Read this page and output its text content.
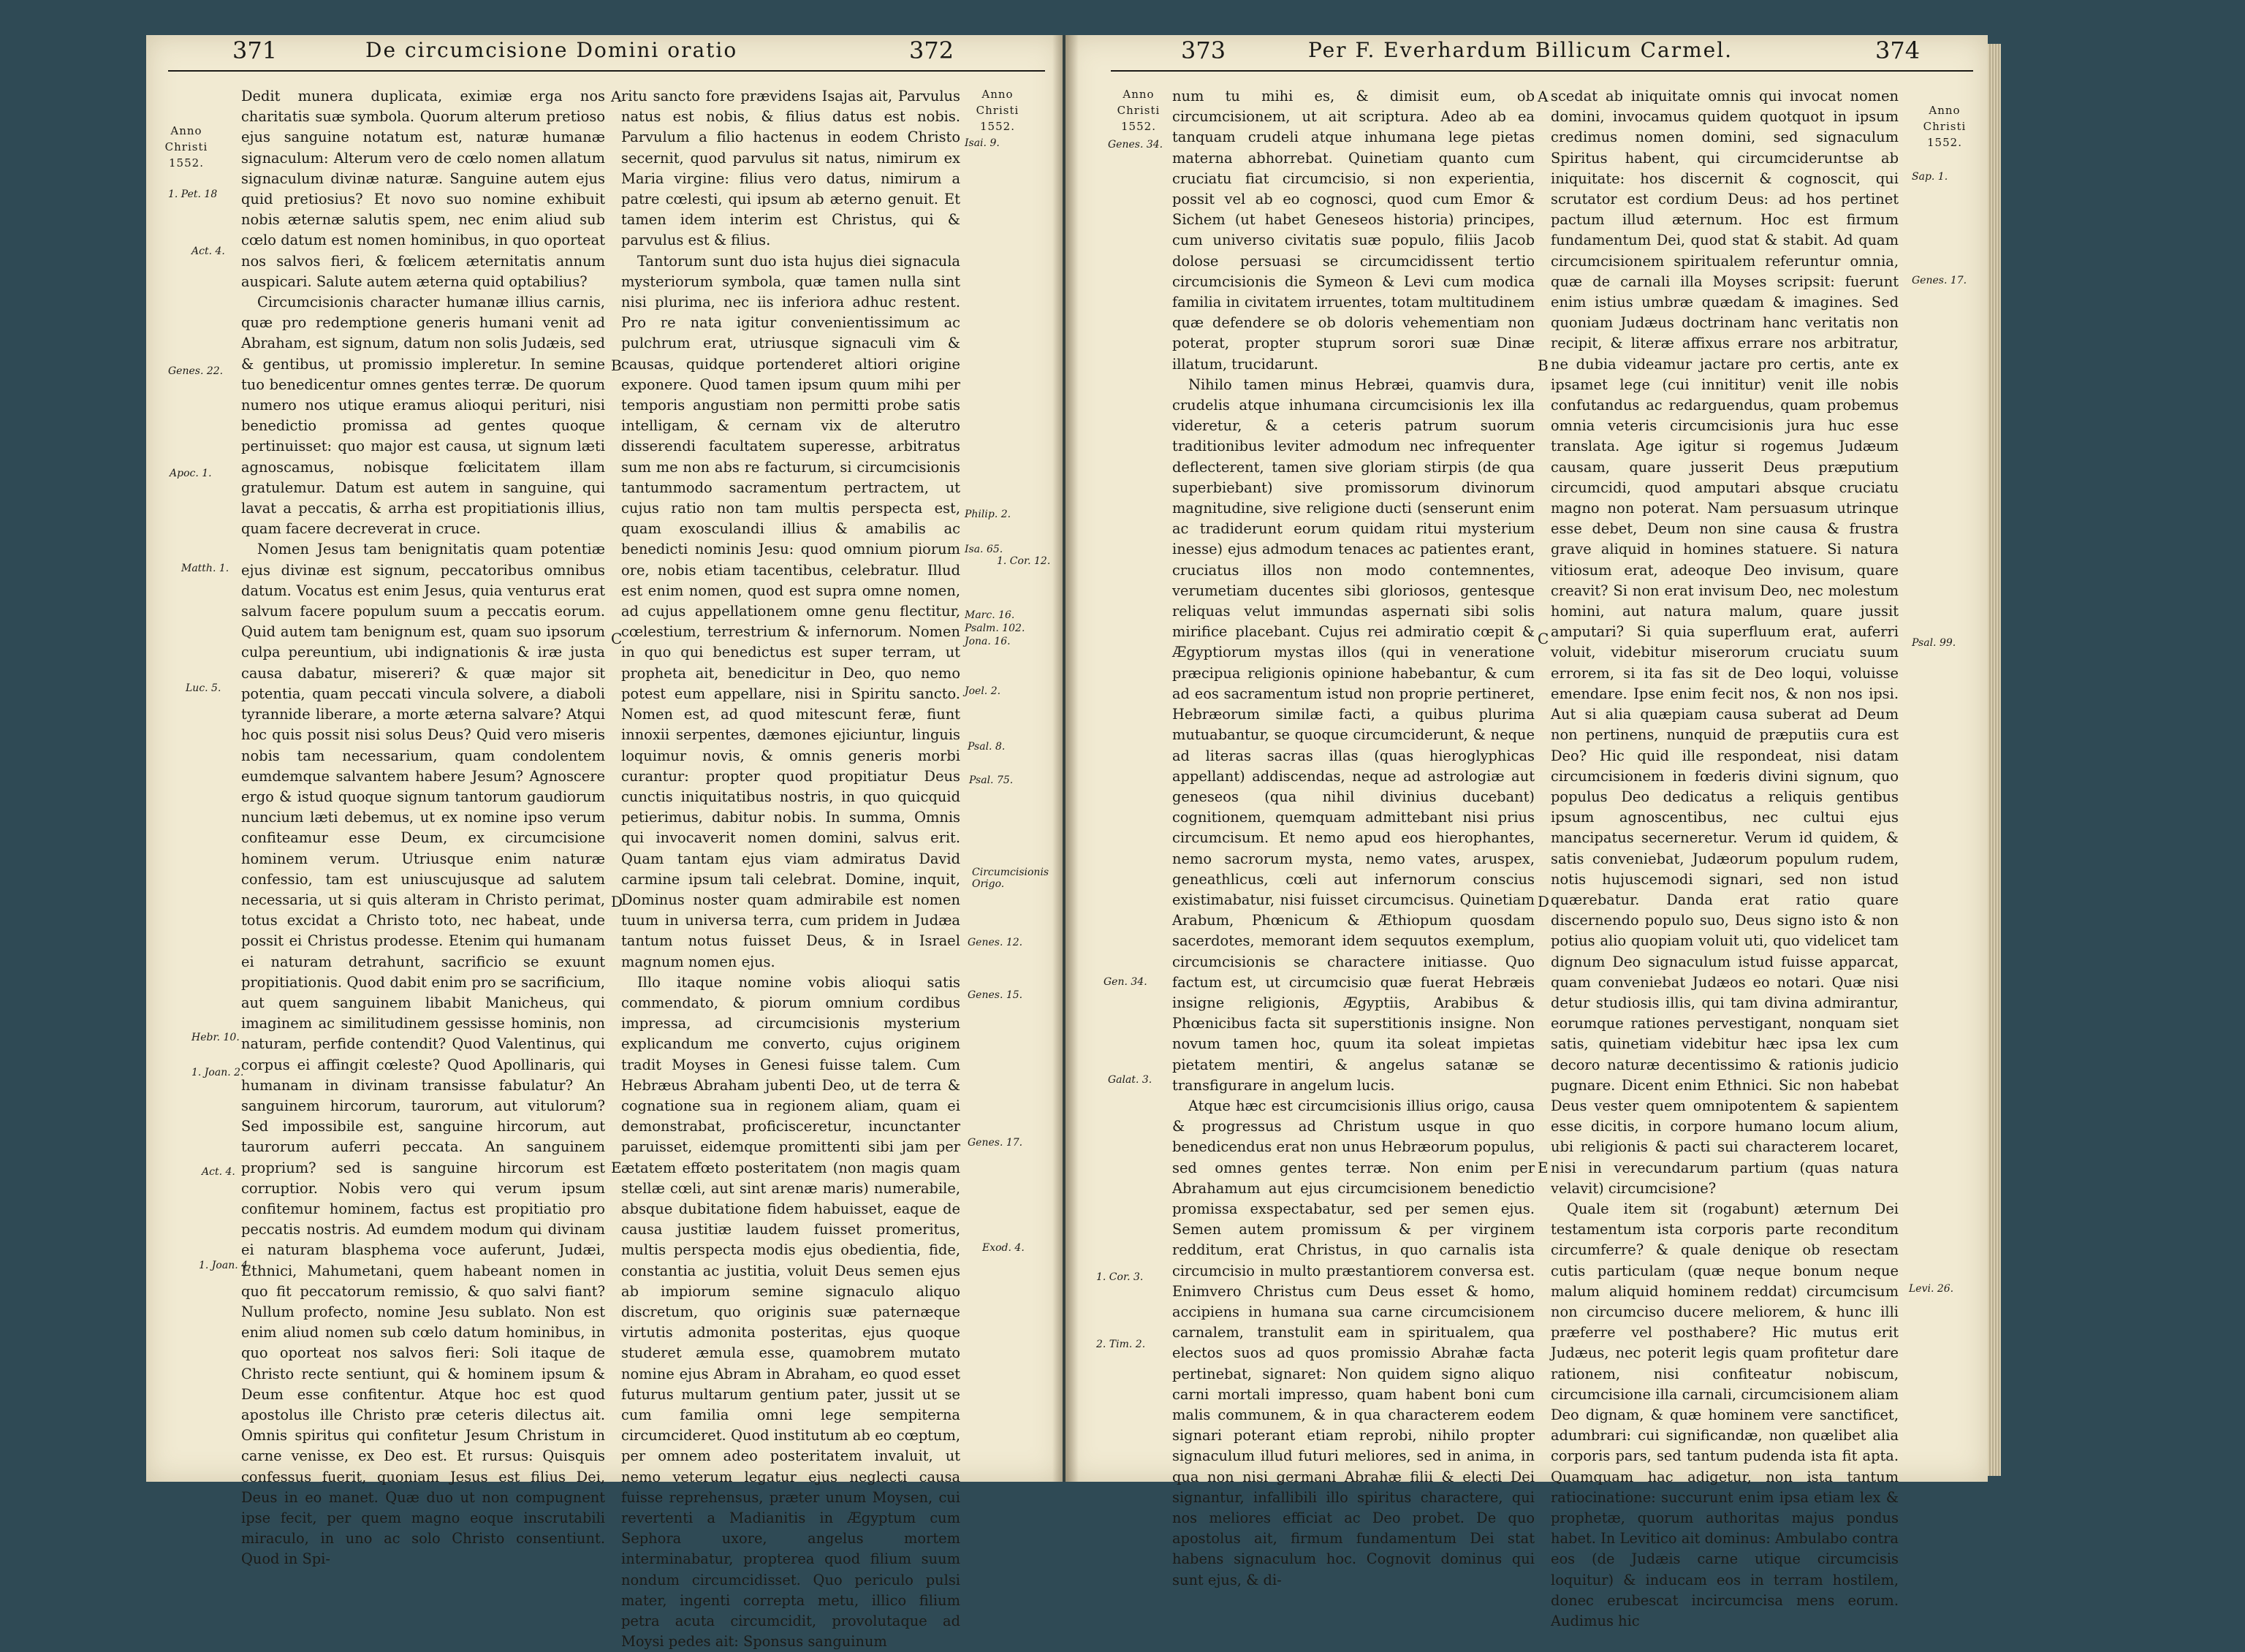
371	De circumcisione Domini oratio	372
Anno
Christi
1552.
Anno
Christi
1552.

Dedit munera duplicata, eximiæ erga nos charitatis suæ symbola. Quorum alterum pretioso ejus sanguine notatum est, naturæ humanæ signaculum: Alterum vero de cœlo nomen allatum signaculum divinæ naturæ. Sanguine autem ejus quid pretiosius? Et novo suo nomine exhibuit nobis æternæ salutis spem, nec enim aliud sub cœlo datum est nomen hominibus, in quo oporteat nos salvos fieri, & fœlicem æternitatis annum auspicari. Salute autem æterna quid optabilius?

Circumcisionis character humanæ illius carnis, quæ pro redemptione generis humani venit ad Abraham, est signum, datum non solis Judæis, sed & gentibus, ut promissio impleretur. In semine tuo benedicentur omnes gentes terræ. De quorum numero nos utique eramus alioqui perituri, nisi benedictio promissa ad gentes quoque pertinuisset: quo major est causa, ut signum læti agnoscamus, nobisque fœlicitatem illam gratulemur. Datum est autem in sanguine, qui lavat a peccatis, & arrha est propitiationis illius, quam facere decreverat in cruce.

Nomen Jesus tam benignitatis quam potentiæ ejus divinæ est signum, peccatoribus omnibus datum. Vocatus est enim Jesus, quia venturus erat salvum facere populum suum a peccatis eorum. Quid autem tam benignum est, quam suo ipsorum culpa pereuntium, ubi indignationis & iræ justa causa dabatur, misereri? & quæ major sit potentia, quam peccati vincula solvere, a diaboli tyrannide liberare, a morte æterna salvare? Atqui hoc quis possit nisi solus Deus? Quid vero miseris nobis tam necessarium, quam condolentem eumdemque salvantem habere Jesum? Agnoscere ergo & istud quoque signum tantorum gaudiorum nuncium læti debemus, ut ex nomine ipso verum confiteamur esse Deum, ex circumcisione hominem verum. Utriusque enim naturæ confessio, tam est uniuscujusque ad salutem necessaria, ut si quis alteram in Christo perimat, totus excidat a Christo toto, nec habeat, unde possit ei Christus prodesse. Etenim qui humanam ei naturam detrahunt, sacrificio se exuunt propitiationis. Quod dabit enim pro se sacrificium, aut quem sanguinem libabit Manicheus, qui imaginem ac similitudinem gessisse hominis, non naturam, perfide contendit? Quod Valentinus, qui corpus ei affingit cœleste? Quod Apollinaris, qui humanam in divinam transisse fabulatur? An sanguinem hircorum, taurorum, aut vitulorum? Sed impossibile est, sanguine hircorum, aut taurorum auferri peccata. An sanguinem proprium? sed is sanguine hircorum est corruptior. Nobis vero qui verum ipsum confitemur hominem, factus est propitiatio pro peccatis nostris. Ad eumdem modum qui divinam ei naturam blasphema voce auferunt, Judæi, Ethnici, Mahumetani, quem habeant nomen in quo fit peccatorum remissio, & quo salvi fiant? Nullum profecto, nomine Jesu sublato. Non est enim aliud nomen sub cœlo datum hominibus, in quo oporteat nos salvos fieri: Soli itaque de Christo recte sentiunt, qui & hominem ipsum & Deum esse confitentur. Atque hoc est quod apostolus ille Christo præ ceteris dilectus ait. Omnis spiritus qui confitetur Jesum Christum in carne venisse, ex Deo est. Et rursus: Quisquis confessus fuerit, quoniam Jesus est filius Dei, Deus in eo manet. Quæ duo ut non compugnent ipse fecit, per quem magno eoque inscrutabili miraculo, in uno ac solo Christo consentiunt. Quod in Spi-

ritu sancto fore prævidens Isajas ait, Parvulus natus est nobis, & filius datus est nobis. Parvulum a filio hactenus in eodem Christo secernit, quod parvulus sit natus, nimirum ex Maria virgine: filius vero datus, nimirum a patre cœlesti, qui ipsum ab æterno genuit. Et tamen idem interim est Christus, qui & parvulus est & filius.

Tantorum sunt duo ista hujus diei signacula mysteriorum symbola, quæ tamen nulla sint nisi plurima, nec iis inferiora adhuc restent. Pro re nata igitur convenientissimum ac pulchrum erat, utriusque signaculi vim & causas, quidque portenderet altiori origine exponere. Quod tamen ipsum quum mihi per temporis angustiam non permitti probe satis intelligam, & cernam vix de alterutro disserendi facultatem superesse, arbitratus sum me non abs re facturum, si circumcisionis tantummodo sacramentum pertractem, ut cujus ratio non tam multis perspecta est, quam exosculandi illius & amabilis ac benedicti nominis Jesu: quod omnium piorum ore, nobis etiam tacentibus, celebratur. Illud est enim nomen, quod est supra omne nomen, ad cujus appellationem omne genu flectitur, cœlestium, terrestrium & infernorum. Nomen in quo qui benedictus est super terram, ut propheta ait, benedicitur in Deo, quo nemo potest eum appellare, nisi in Spiritu sancto. Nomen est, ad quod mitescunt feræ, fiunt innoxii serpentes, dæmones ejiciuntur, linguis loquimur novis, & omnis generis morbi curantur: propter quod propitiatur Deus cunctis iniquitatibus nostris, in quo quicquid petierimus, dabitur nobis. In summa, Omnis qui invocaverit nomen domini, salvus erit. Quam tantam ejus viam admiratus David carmine ipsum tali celebrat. Domine, inquit, Dominus noster quam admirabile est nomen tuum in universa terra, cum pridem in Judæa tantum notus fuisset Deus, & in Israel magnum nomen ejus.

Illo itaque nomine vobis alioqui satis commendato, & piorum omnium cordibus impressa, ad circumcisionis mysterium explicandum me converto, cujus originem tradit Moyses in Genesi fuisse talem. Cum Hebræus Abraham jubenti Deo, ut de terra & cognatione sua in regionem aliam, quam ei demonstrabat, proficisceretur, incunctanter paruisset, eidemque promittenti sibi jam per ætatem effœto posteritatem (non magis quam stellæ cœli, aut sint arenæ maris) numerabile, absque dubitatione fidem habuisset, eaque de causa justitiæ laudem fuisset promeritus, multis perspecta modis ejus obedientia, fide, constantia ac justitia, voluit Deus semen ejus ab impiorum semine signaculo aliquo discretum, quo originis suæ paternæque virtutis admonita posteritas, ejus quoque studeret æmula esse, quamobrem mutato nomine ejus Abram in Abraham, eo quod esset futurus multarum gentium pater, jussit ut se cum familia omni lege sempiterna circumcideret. Quod institutum ab eo cœptum, per omnem adeo posteritatem invaluit, ut nemo veterum legatur ejus neglecti causa fuisse reprehensus, præter unum Moysen, cui revertenti a Madianitis in Ægyptum cum Sephora uxore, angelus mortem interminabatur, propterea quod filium suum nondum circumcidisset. Quo periculo pulsi mater, ingenti correpta metu, illico filium petra acuta circumcidit, provolutaque ad Moysi pedes ait: Sponsus sanguinum

1. Pet. 18
Act. 4.
Genes. 22.
Apoc. 1.
Matth. 1.
Luc. 5.
Hebr. 10.
1. Joan. 2.
Act. 4.
1. Joan. 4.
Isai. 9.
Philip. 2.
Isa. 65.
1. Cor. 12.
Marc. 16.
Psalm. 102.
Jona. 16.
Joel. 2.
Psal. 8.
Psal. 75.
Circumcisionis Origo.
Genes. 12.
Genes. 15.
Genes. 17.
Exod. 4.
A
B
C
D
E
373	Per F. Everhardum Billicum Carmel.	374
Anno
Christi
1552.
Anno
Christi
1552.

num tu mihi es, & dimisit eum, ob circumcisionem, ut ait scriptura. Adeo ab ea tanquam crudeli atque inhumana lege pietas materna abhorrebat. Quinetiam quanto cum cruciatu fiat circumcisio, si non experientia, possit vel ab eo cognosci, quod cum Emor & Sichem (ut habet Geneseos historia) principes, cum universo civitatis suæ populo, filiis Jacob dolose persuasi se circumcidissent tertio circumcisionis die Symeon & Levi cum modica familia in civitatem irruentes, totam multitudinem quæ defendere se ob doloris vehementiam non poterat, propter stuprum sorori suæ Dinæ illatum, trucidarunt.

Nihilo tamen minus Hebræi, quamvis dura, crudelis atque inhumana circumcisionis lex illa videretur, & a ceteris patrum suorum traditionibus leviter admodum nec infrequenter deflecterent, tamen sive gloriam stirpis (de qua superbiebant) sive promissorum divinorum magnitudine, sive religione ducti (senserunt enim ac tradiderunt eorum quidam ritui mysterium inesse) ejus admodum tenaces ac patientes erant, cruciatus illos non modo contemnentes, verumetiam ducentes sibi gloriosos, gentesque reliquas velut immundas aspernati sibi solis mirifice placebant. Cujus rei admiratio cœpit & Ægyptiorum mystas illos (qui in veneratione præcipua religionis opinione habebantur, & cum ad eos sacramentum istud non proprie pertineret, Hebræorum similæ facti, a quibus plurima mutuabantur, se quoque circumciderunt, & neque ad literas sacras illas (quas hieroglyphicas appellant) addiscendas, neque ad astrologiæ aut geneseos (qua nihil divinius ducebant) cognitionem, quemquam admittebant nisi prius circumcisum. Et nemo apud eos hierophantes, nemo sacrorum mysta, nemo vates, aruspex, geneathlicus, cœli aut infernorum conscius existimabatur, nisi fuisset circumcisus. Quinetiam Arabum, Phœnicum & Æthiopum quosdam sacerdotes, memorant idem sequutos exemplum, circumcisionis se charactere initiasse. Quo factum est, ut circumcisio quæ fuerat Hebræis insigne religionis, Ægyptiis, Arabibus & Phœnicibus facta sit superstitionis insigne. Non novum tamen hoc, quum ita soleat impietas pietatem mentiri, & angelus satanæ se transfigurare in angelum lucis.

Atque hæc est circumcisionis illius origo, causa & progressus ad Christum usque in quo benedicendus erat non unus Hebræorum populus, sed omnes gentes terræ. Non enim per Abrahamum aut ejus circumcisionem benedictio promissa exspectabatur, sed per semen ejus. Semen autem promissum & per virginem redditum, erat Christus, in quo carnalis ista circumcisio in multo præstantiorem conversa est. Enimvero Christus cum Deus esset & homo, accipiens in humana sua carne circumcisionem carnalem, transtulit eam in spiritualem, qua electos suos ad quos promissio Abrahæ facta pertinebat, signaret: Non quidem signo aliquo carni mortali impresso, quam habent boni cum malis communem, & in qua characterem eodem signari poterant etiam reprobi, nihilo propter signaculum illud futuri meliores, sed in anima, in qua non nisi germani Abrahæ filii & electi Dei signantur, infallibili illo spiritus charactere, qui nos meliores efficiat ac Deo probet. De quo apostolus ait, firmum fundamentum Dei stat habens signaculum hoc. Cognovit dominus qui sunt ejus, & di-

scedat ab iniquitate omnis qui invocat nomen domini, invocamus quidem quotquot in ipsum credimus nomen domini, sed signaculum Spiritus habent, qui circumcideruntse ab iniquitate: hos discernit & cognoscit, qui scrutator est cordium Deus: ad hos pertinet pactum illud æternum. Hoc est firmum fundamentum Dei, quod stat & stabit. Ad quam circumcisionem spiritualem referuntur omnia, quæ de carnali illa Moyses scripsit: fuerunt enim istius umbræ quædam & imagines. Sed quoniam Judæus doctrinam hanc veritatis non recipit, & literæ affixus errare nos arbitratur, ne dubia videamur jactare pro certis, ante ex ipsamet lege (cui innititur) venit ille nobis confutandus ac redarguendus, quam probemus omnia veteris circumcisionis jura huc esse translata. Age igitur si rogemus Judæum causam, quare jusserit Deus præputium circumcidi, quod amputari absque cruciatu magno non poterat. Nam persuasum utrinque esse debet, Deum non sine causa & frustra grave aliquid in homines statuere. Si natura vitiosum erat, adeoque Deo invisum, quare creavit? Si non erat invisum Deo, nec molestum homini, aut natura malum, quare jussit amputari? Si quia superfluum erat, auferri voluit, videbitur miserorum cruciatu suum errorem, si ita fas sit de Deo loqui, voluisse emendare. Ipse enim fecit nos, & non nos ipsi. Aut si alia quæpiam causa suberat ad Deum non pertinens, nunquid de præputiis cura est Deo? Hic quid ille respondeat, nisi datam circumcisionem in fœderis divini signum, quo populus Deo dedicatus a reliquis gentibus ipsum agnoscentibus, nec cultui ejus mancipatus secerneretur. Verum id quidem, & satis conveniebat, Judæorum populum rudem, notis hujuscemodi signari, sed non istud quærebatur. Danda erat ratio quare discernendo populo suo, Deus signo isto & non potius alio quopiam voluit uti, quo videlicet tam dignum Deo signaculum istud fuisse apparcat, quam conveniebat Judæos eo notari. Quæ nisi detur studiosis illis, qui tam divina admirantur, eorumque rationes pervestigant, nonquam siet satis, quinetiam videbitur hæc ipsa lex cum decoro naturæ decentissimo & rationis judicio pugnare. Dicent enim Ethnici. Sic non habebat Deus vester quem omnipotentem & sapientem esse dicitis, in corpore humano locum alium, ubi religionis & pacti sui characterem locaret, nisi in verecundarum partium (quas natura velavit) circumcisione?

Quale item sit (rogabunt) æternum Dei testamentum ista corporis parte reconditum circumferre? & quale denique ob resectam cutis particulam (quæ neque bonum neque malum aliquid hominem reddat) circumcisum non circumciso ducere meliorem, & hunc illi præferre vel posthabere? Hic mutus erit Judæus, nec poterit legis quam profitetur dare rationem, nisi confiteatur nobiscum, circumcisione illa carnali, circumcisionem aliam Deo dignam, & quæ hominem vere sanctificet, adumbrari: cui significandæ, non quælibet alia corporis pars, sed tantum pudenda ista fit apta. Quamquam hac adigetur, non ista tantum ratiocinatione: succurunt enim ipsa etiam lex & prophetæ, quorum authoritas majus pondus habet. In Levitico ait dominus: Ambulabo contra eos (de Judæis carne utique circumcisis loquitur) & inducam eos in terram hostilem, donec erubescat incircumcisa mens eorum. Audimus hic

Genes. 34.
Gen. 34.
Galat. 3.
1. Cor. 3.
2. Tim. 2.
Sap. 1.
Genes. 17.
Psal. 99.
Levi. 26.
A
B
C
D
E
